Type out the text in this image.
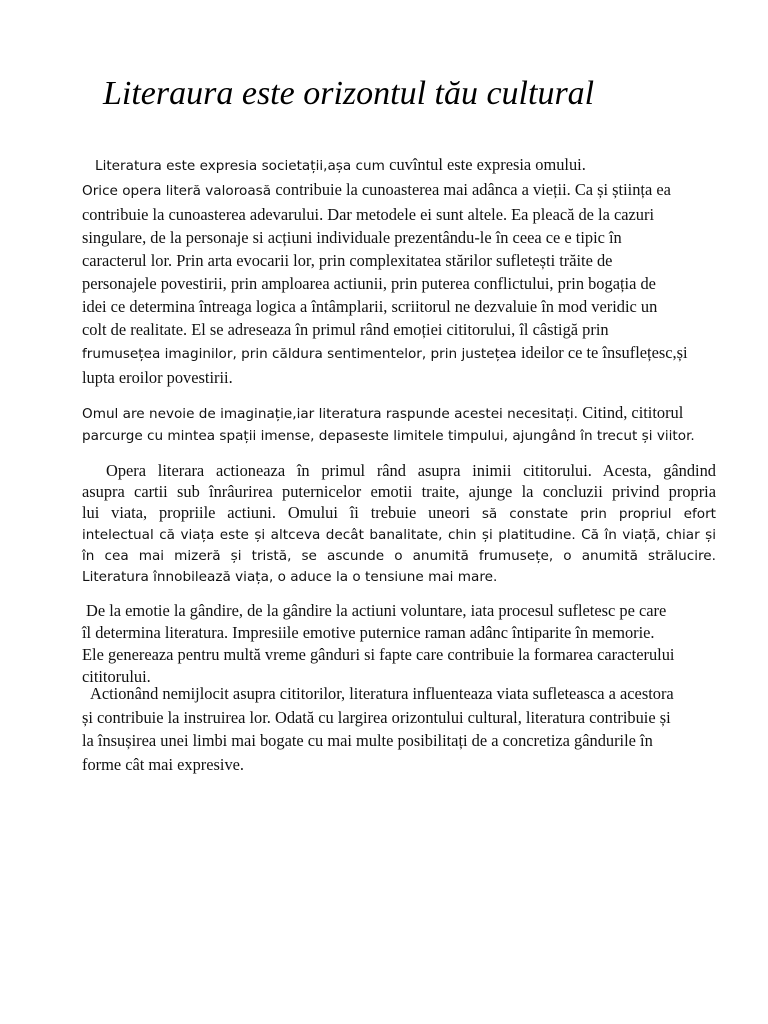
Literaura este orizontul tău cultural

Literatura este expresia societații,așa cum cuvîntul este expresia omului.
Orice opera literă valoroasă contribuie la cunoasterea mai adânca a vieții. Ca și știința ea
contribuie la cunoasterea adevarului. Dar metodele ei sunt altele. Ea pleacă de la cazuri
singulare, de la personaje si acțiuni individuale prezentându-le în ceea ce e tipic în
caracterul lor. Prin arta evocarii lor, prin complexitatea stărilor sufletești trăite de
personajele povestirii, prin amploarea actiunii, prin puterea conflictului, prin bogația de
idei ce determina întreaga logica a întâmplarii, scriitorul ne dezvaluie în mod veridic un
colt de realitate. El se adreseaza în primul rând emoției cititorului, îl câstigă prin
frumusețea imaginilor, prin căldura sentimentelor, prin justețea ideilor ce te însuflețesc,și
lupta eroilor povestirii.

Omul are nevoie de imaginație,iar literatura raspunde acestei necesitați. Citind, cititorul
parcurge cu mintea spații imense, depaseste limitele timpului, ajungând în trecut și viitor.

Opera literara actioneaza în primul rând asupra inimii cititorului. Acesta, gândind
asupra cartii sub înrâurirea puternicelor emotii traite, ajunge la concluzii privind propria
lui viata, propriile actiuni. Omului îi trebuie uneori să constate prin propriul efort
intelectual că viața este și altceva decât banalitate, chin și platitudine. Că în viață, chiar și
în cea mai mizeră și tristă, se ascunde o anumită frumusețe, o anumită strălucire.
Literatura înnobilează viața, o aduce la o tensiune mai mare.

De la emotie la gândire, de la gândire la actiuni voluntare, iata procesul sufletesc pe care
îl determina literatura. Impresiile emotive puternice raman adânc întiparite în memorie.
Ele genereaza pentru multă vreme gânduri si fapte care contribuie la formarea caracterului
cititorului.

Actionând nemijlocit asupra cititorilor, literatura influenteaza viata sufleteasca a acestora
și contribuie la instruirea lor. Odată cu largirea orizontului cultural, literatura contribuie și
la însușirea unei limbi mai bogate cu mai multe posibilitați de a concretiza gândurile în
forme cât mai expresive.
